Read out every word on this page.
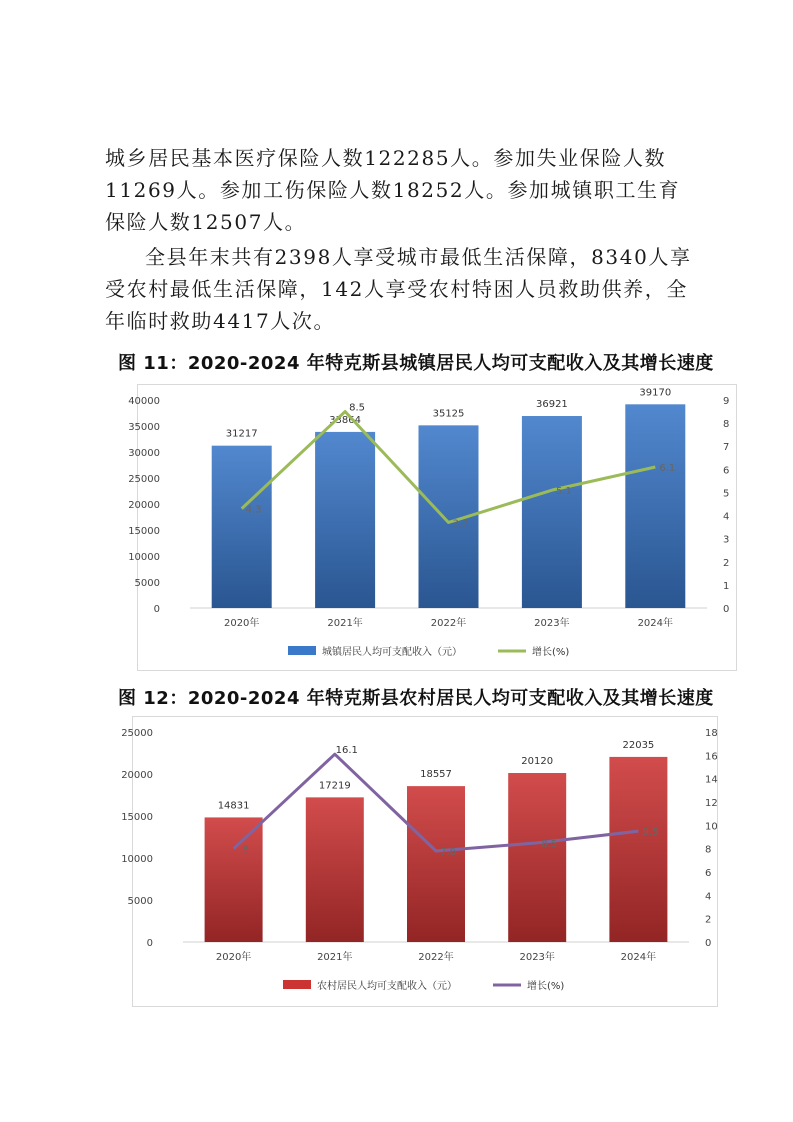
城乡居民基本医疗保险人数122285人。参加失业保险人数11269人。参加工伤保险人数18252人。参加城镇职工生育保险人数12507人。

全县年末共有2398人享受城市最低生活保障，8340人享受农村最低生活保障，142人享受农村特困人员救助供养，全年临时救助4417人次。

图 11：2020-2024 年特克斯县城镇居民人均可支配收入及其增长速度
0
5000
10000
15000
20000
25000
30000
35000
40000
0
1
2
3
4
5
6
7
8
9
31217
33864
35125
36921
39170
2020年	2021年	2022年	2023年	2024年
4.3
8.5
3.7
5.1
6.1
城镇居民人均可支配收入（元）	增长(%)
图 12：2020-2024 年特克斯县农村居民人均可支配收入及其增长速度
0
5000
10000
15000
20000
25000
0
2
4
6
8
10
12
14
16
18
14831
17219
18557
20120
22035
2020年	2021年	2022年	2023年	2024年
8
16.1
7.8
8.5
9.5
农村居民人均可支配收入（元）	增长(%)
